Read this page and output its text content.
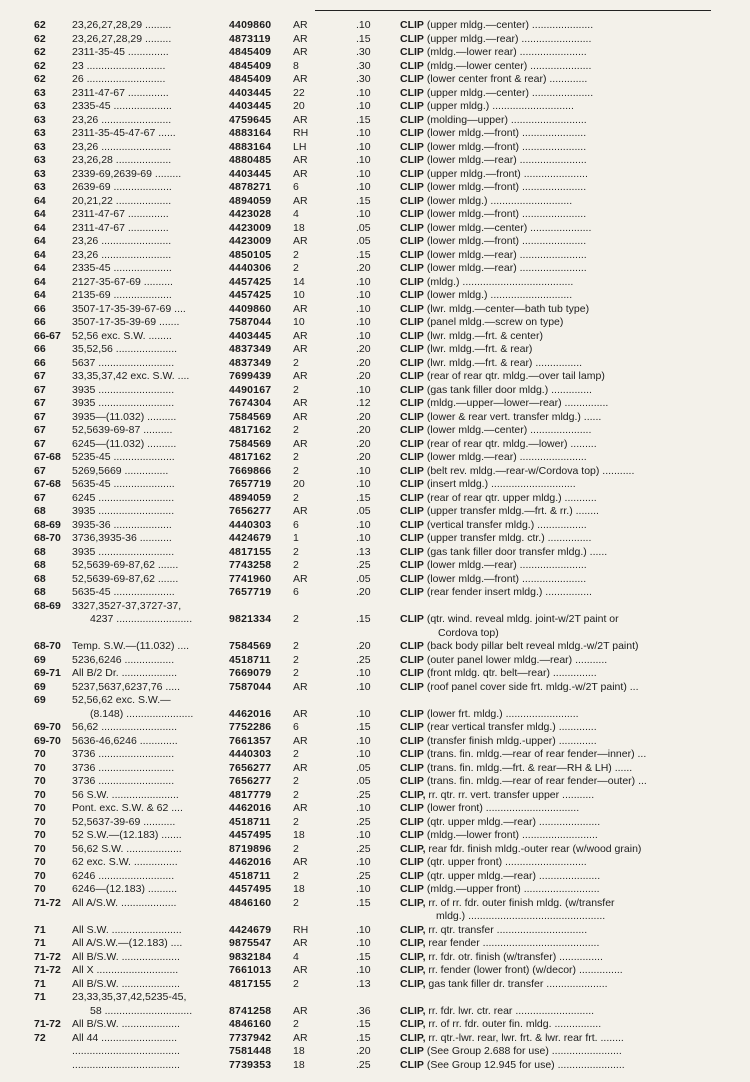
62	23,26,27,28,29 .........	4409860	AR	.10	CLIP (upper mldg.—center) .....................
62	23,26,27,28,29 .........	4873119	AR	.15	CLIP (upper mldg.—rear) ........................
62	2311-35-45 ..............	4845409	AR	.30	CLIP (mldg.—lower rear) .......................
62	23 ...........................	4845409	8	.30	CLIP (mldg.—lower center) .....................
62	26 ...........................	4845409	AR	.30	CLIP (lower center front & rear) .............
63	2311-47-67 ..............	4403445	22	.10	CLIP (upper mldg.—center) .....................
63	2335-45 ....................	4403445	20	.10	CLIP (upper mldg.) ............................
63	23,26 ........................	4759645	AR	.15	CLIP (molding—upper) ..........................
63	2311-35-45-47-67 ......	4883164	RH	.10	CLIP (lower mldg.—front) ......................
63	23,26 ........................	4883164	LH	.10	CLIP (lower mldg.—front) ......................
63	23,26,28 ...................	4880485	AR	.10	CLIP (lower mldg.—rear) .......................
63	2339-69,2639-69 .........	4403445	AR	.10	CLIP (upper mldg.—front) ......................
63	2639-69 ....................	4878271	6	.10	CLIP (lower mldg.—front) ......................
64	20,21,22 ...................	4894059	AR	.15	CLIP (lower mldg.) ............................
64	2311-47-67 ..............	4423028	4	.10	CLIP (lower mldg.—front) ......................
64	2311-47-67 ..............	4423009	18	.05	CLIP (lower mldg.—center) .....................
64	23,26 ........................	4423009	AR	.05	CLIP (lower mldg.—front) ......................
64	23,26 ........................	4850105	2	.15	CLIP (lower mldg.—rear) .......................
64	2335-45 ....................	4440306	2	.20	CLIP (lower mldg.—rear) .......................
64	2127-35-67-69 ..........	4457425	14	.10	CLIP (mldg.) ......................................
64	2135-69 ....................	4457425	10	.10	CLIP (lower mldg.) ............................
66	3507-17-35-39-67-69 ....	4409860	AR	.10	CLIP (lwr. mldg.—center—bath tub type)
66	3507-17-35-39-69 .......	7587044	10	.10	CLIP (panel mldg.—screw on type)
66-67	52,56 exc. S.W. ........	4403445	AR	.10	CLIP (lwr. mldg.—frt. & center)
66	35,52,56 .....................	4837349	AR	.20	CLIP (lwr. mldg.—frt. & rear)
66	5637 ..........................	4837349	2	.20	CLIP (lwr. mldg.—frt. & rear) ................
67	33,35,37,42 exc. S.W. ....	7699439	AR	.20	CLIP (rear of rear qtr. mldg.—over tail lamp)
67	3935 ..........................	4490167	2	.10	CLIP (gas tank filler door mldg.) ..............
67	3935 ..........................	7674304	AR	.12	CLIP (mldg.—upper—lower—rear) ...............
67	3935—(11.032) ..........	7584569	AR	.20	CLIP (lower & rear vert. transfer mldg.) ......
67	52,5639-69-87 ..........	4817162	2	.20	CLIP (lower mldg.—center) .....................
67	6245—(11.032) ..........	7584569	AR	.20	CLIP (rear of rear qtr. mldg.—lower) .........
67-68	5235-45 .....................	4817162	2	.20	CLIP (lower mldg.—rear) .......................
67	5269,5669 ...............	7669866	2	.10	CLIP (belt rev. mldg.—rear-w/Cordova top) ...........
67-68	5635-45 .....................	7657719	20	.10	CLIP (insert mldg.) .............................
67	6245 ..........................	4894059	2	.15	CLIP (rear of rear qtr. upper mldg.) ...........
68	3935 ..........................	7656277	AR	.05	CLIP (upper transfer mldg.—frt. & rr.) ........
68-69	3935-36 ....................	4440303	6	.10	CLIP (vertical transfer mldg.) .................
68-70	3736,3935-36 ...........	4424679	1	.10	CLIP (upper transfer mldg. ctr.) ...............
68	3935 ..........................	4817155	2	.13	CLIP (gas tank filler door transfer mldg.) ......
68	52,5639-69-87,62 .......	7743258	2	.25	CLIP (lower mldg.—rear) .......................
68	52,5639-69-87,62 .......	7741960	AR	.05	CLIP (lower mldg.—front) ......................
68	5635-45 .....................	7657719	6	.20	CLIP (rear fender insert mldg.) ................
68-69	3327,3527-37,3727-37,
4237 ..........................	9821334	2	.15	CLIP (qtr. wind. reveal mldg. joint-w/2T paint or
Cordova top)
68-70	Temp. S.W.—(11.032) ....	7584569	2	.20	CLIP (back body pillar belt reveal mldg.-w/2T paint)
69	5236,6246 .................	4518711	2	.25	CLIP (outer panel lower mldg.—rear) ...........
69-71	All B/2 Dr. ...................	7669079	2	.10	CLIP (front mldg. qtr. belt—rear) ...............
69	5237,5637,6237,76 .....	7587044	AR	.10	CLIP (roof panel cover side frt. mldg.-w/2T paint) ...
69	52,56,62 exc. S.W.—
(8.148) .......................	4462016	AR	.10	CLIP (lower frt. mldg.) .........................
69-70	56,62 ..........................	7752286	6	.15	CLIP (rear vertical transfer mldg.) .............
69-70	5636-46,6246 .............	7661357	AR	.10	CLIP (transfer finish mldg.-upper) .............
70	3736 ..........................	4440303	2	.10	CLIP (trans. fin. mldg.—rear of rear fender—inner) ...
70	3736 ..........................	7656277	AR	.05	CLIP (trans. fin. mldg.—frt. & rear—RH & LH) ......
70	3736 ..........................	7656277	2	.05	CLIP (trans. fin. mldg.—rear of rear fender—outer) ...
70	56 S.W. .......................	4817779	2	.25	CLIP, rr. qtr. rr. vert. transfer upper ...........
70	Pont. exc. S.W. & 62 ....	4462016	AR	.10	CLIP (lower front) ................................
70	52,5637-39-69 ...........	4518711	2	.25	CLIP (qtr. upper mldg.—rear) .....................
70	52 S.W.—(12.183) .......	4457495	18	.10	CLIP (mldg.—lower front) ..........................
70	56,62 S.W. ...................	8719896	2	.25	CLIP, rear fdr. finish mldg.-outer rear (w/wood grain)
70	62 exc. S.W. ...............	4462016	AR	.10	CLIP (qtr. upper front) ............................
70	6246 ..........................	4518711	2	.25	CLIP (qtr. upper mldg.—rear) .....................
70	6246—(12.183) ..........	4457495	18	.10	CLIP (mldg.—upper front) ..........................
71-72	All A/S.W. ...................	4846160	2	.15	CLIP, rr. of rr. fdr. outer finish mldg. (w/transfer
mldg.) ...............................................
71	All S.W. ........................	4424679	RH	.10	CLIP, rr. qtr. transfer ...............................
71	All A/S.W.—(12.183) ....	9875547	AR	.10	CLIP, rear fender ........................................
71-72	All B/S.W. ....................	9832184	4	.15	CLIP, rr. fdr. otr. finish (w/transfer) ...............
71-72	All X ............................	7661013	AR	.10	CLIP, rr. fender (lower front) (w/decor) ...............
71	All B/S.W. ....................	4817155	2	.13	CLIP, gas tank filler dr. transfer .....................
71	23,33,35,37,42,5235-45,
58 ..............................	8741258	AR	.36	CLIP, rr. fdr. lwr. ctr. rear ...........................
71-72	All B/S.W. ....................	4846160	2	.15	CLIP, rr. of rr. fdr. outer fin. mldg. ................
72	All 44 ..........................	7737942	AR	.15	CLIP, rr. qtr.-lwr. rear, lwr. frt. & lwr. rear frt. ........
.....................................	7581448	18	.20	CLIP (See Group 2.688 for use) ........................
.....................................	7739353	18	.25	CLIP (See Group 12.945 for use) .......................
